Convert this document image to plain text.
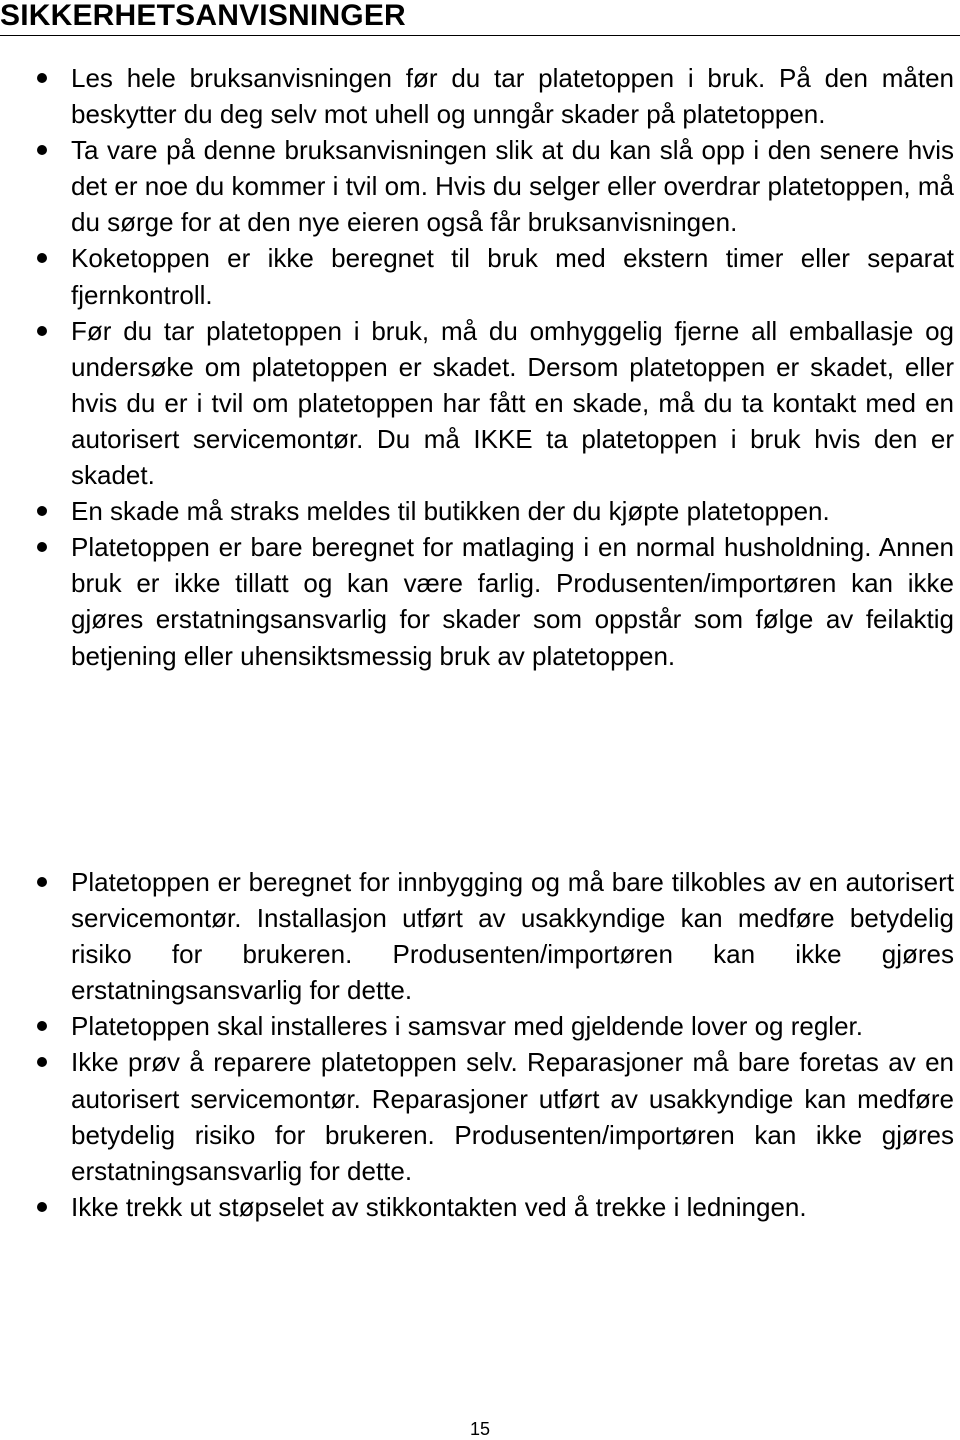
SIKKERHETSANVISNINGER
Les hele bruksanvisningen før du tar platetoppen i bruk. På den måten beskytter du deg selv mot uhell og unngår skader på platetoppen.
Ta vare på denne bruksanvisningen slik at du kan slå opp i den senere hvis det er noe du kommer i tvil om. Hvis du selger eller overdrar platetoppen, må du sørge for at den nye eieren også får bruksanvisningen.
Koketoppen er ikke beregnet til bruk med ekstern timer eller separat fjernkontroll.
Før du tar platetoppen i bruk, må du omhyggelig fjerne all emballasje og undersøke om platetoppen er skadet. Dersom platetoppen er skadet, eller hvis du er i tvil om platetoppen har fått en skade, må du ta kontakt med en autorisert servicemontør. Du må IKKE ta platetoppen i bruk hvis den er skadet.
En skade må straks meldes til butikken der du kjøpte platetoppen.
Platetoppen er bare beregnet for matlaging i en normal husholdning. Annen bruk er ikke tillatt og kan være farlig. Produsenten/importøren kan ikke gjøres erstatningsansvarlig for skader som oppstår som følge av feilaktig betjening eller uhensiktsmessig bruk av platetoppen.
Platetoppen er beregnet for innbygging og må bare tilkobles av en autorisert servicemontør. Installasjon utført av usakkyndige kan medføre betydelig risiko for brukeren. Produsenten/importøren kan ikke gjøres erstatningsansvarlig for dette.
Platetoppen skal installeres i samsvar med gjeldende lover og regler.
Ikke prøv å reparere platetoppen selv. Reparasjoner må bare foretas av en autorisert servicemontør. Reparasjoner utført av usakkyndige kan medføre betydelig risiko for brukeren. Produsenten/importøren kan ikke gjøres erstatningsansvarlig for dette.
Ikke trekk ut støpselet av stikkontakten ved å trekke i ledningen.
15
